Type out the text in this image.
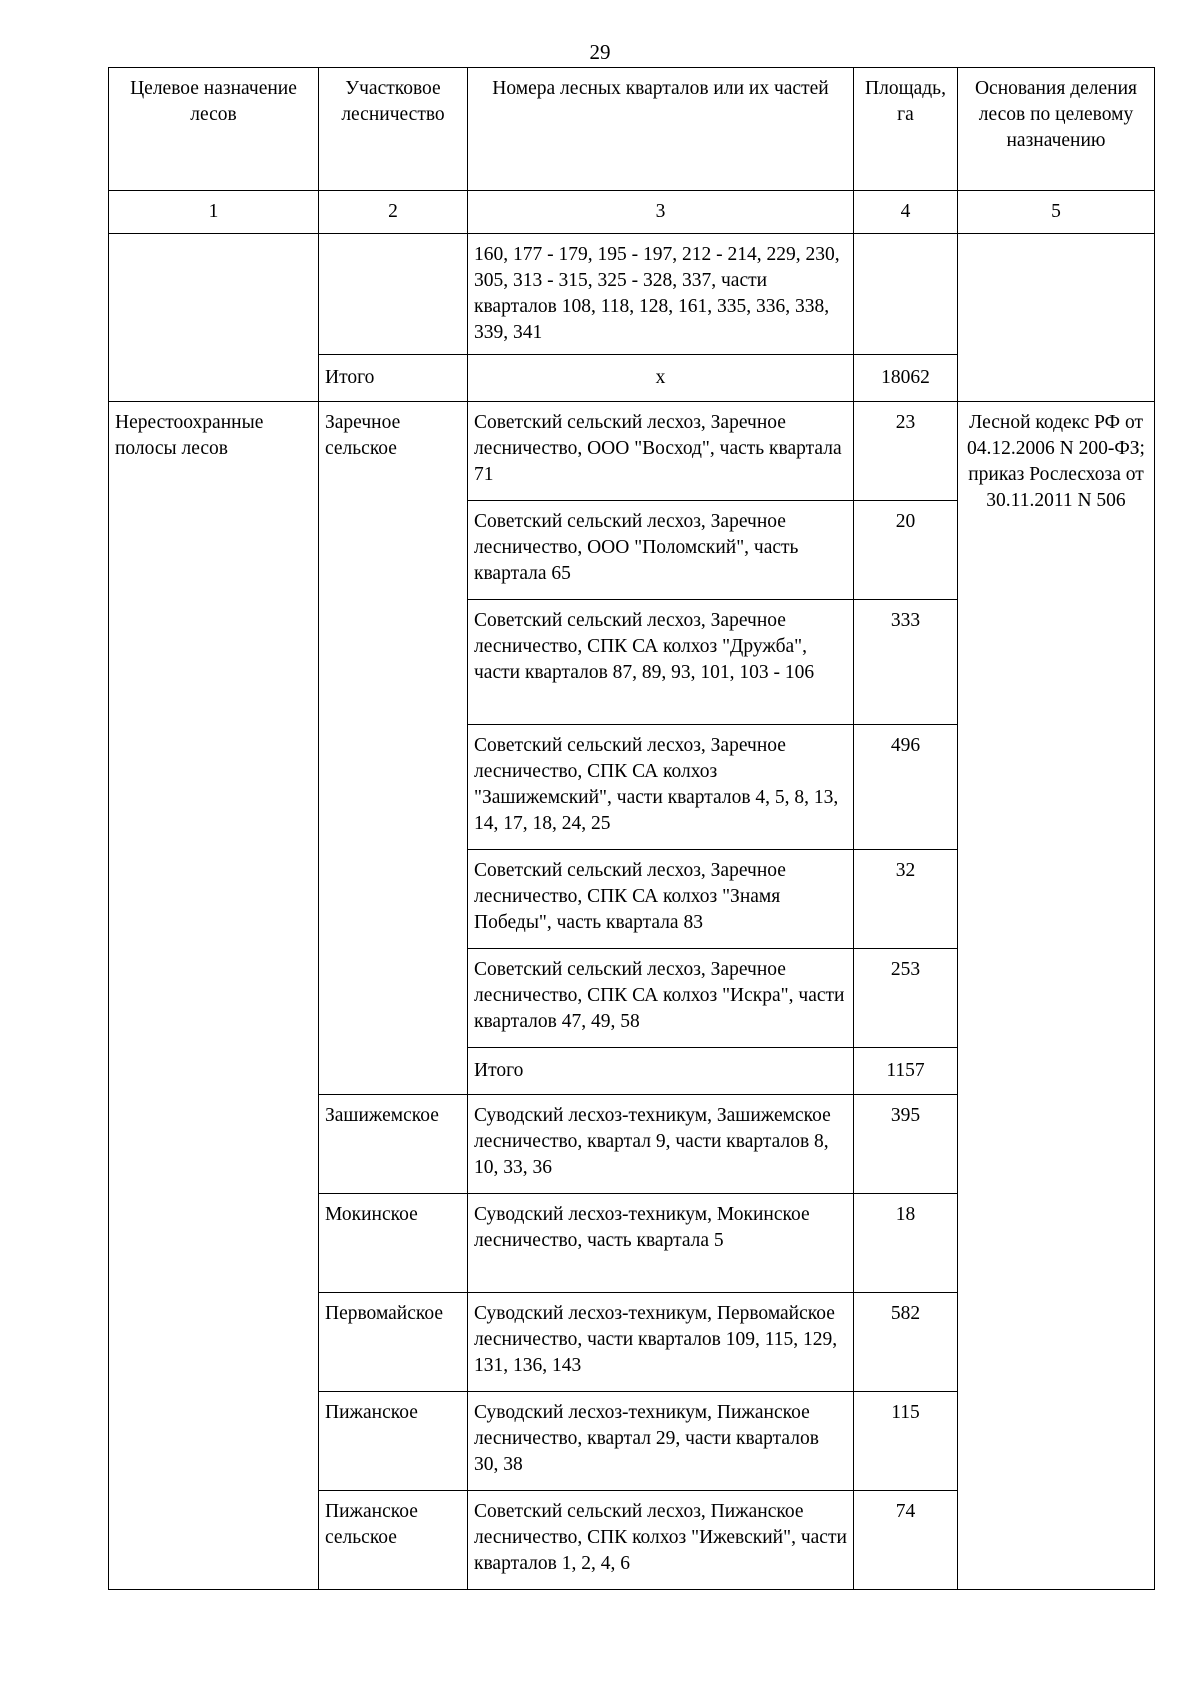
29
Целевое назначение лесов	Участковое лесничество	Номера лесных кварталов или их частей	Площадь, га	Основания деления лесов по целевому назначению
1	2	3	4	5
		160, 177 - 179, 195 - 197, 212 - 214, 229, 230, 305, 313 - 315, 325 - 328, 337, части кварталов 108, 118, 128, 161, 335, 336, 338, 339, 341		
	Итого	x	18062	
Нерестоохранные полосы лесов	Заречное сельское	Советский сельский лесхоз, Заречное лесничество, ООО "Восход", часть квартала 71	23	Лесной кодекс РФ от 04.12.2006 N 200-ФЗ; приказ Рослесхоза от 30.11.2011 N 506
		Советский сельский лесхоз, Заречное лесничество, ООО "Поломский", часть квартала 65	20	
		Советский сельский лесхоз, Заречное лесничество, СПК СА колхоз "Дружба", части кварталов 87, 89, 93, 101, 103 - 106	333	
		Советский сельский лесхоз, Заречное лесничество, СПК СА колхоз "Зашижемский", части кварталов 4, 5, 8, 13, 14, 17, 18, 24, 25	496	
		Советский сельский лесхоз, Заречное лесничество, СПК СА колхоз "Знамя Победы", часть квартала 83	32	
		Советский сельский лесхоз, Заречное лесничество, СПК СА колхоз "Искра", части кварталов 47, 49, 58	253	
		Итого	1157	
	Зашижемское	Суводский лесхоз-техникум, Зашижемское лесничество, квартал 9, части кварталов 8, 10, 33, 36	395	
	Мокинское	Суводский лесхоз-техникум, Мокинское лесничество, часть квартала 5	18	
	Первомайское	Суводский лесхоз-техникум, Первомайское лесничество, части кварталов 109, 115, 129, 131, 136, 143	582	
	Пижанское	Суводский лесхоз-техникум, Пижанское лесничество, квартал 29, части кварталов 30, 38	115	
	Пижанское сельское	Советский сельский лесхоз, Пижанское лесничество, СПК колхоз "Ижевский", части кварталов 1, 2, 4, 6	74	
